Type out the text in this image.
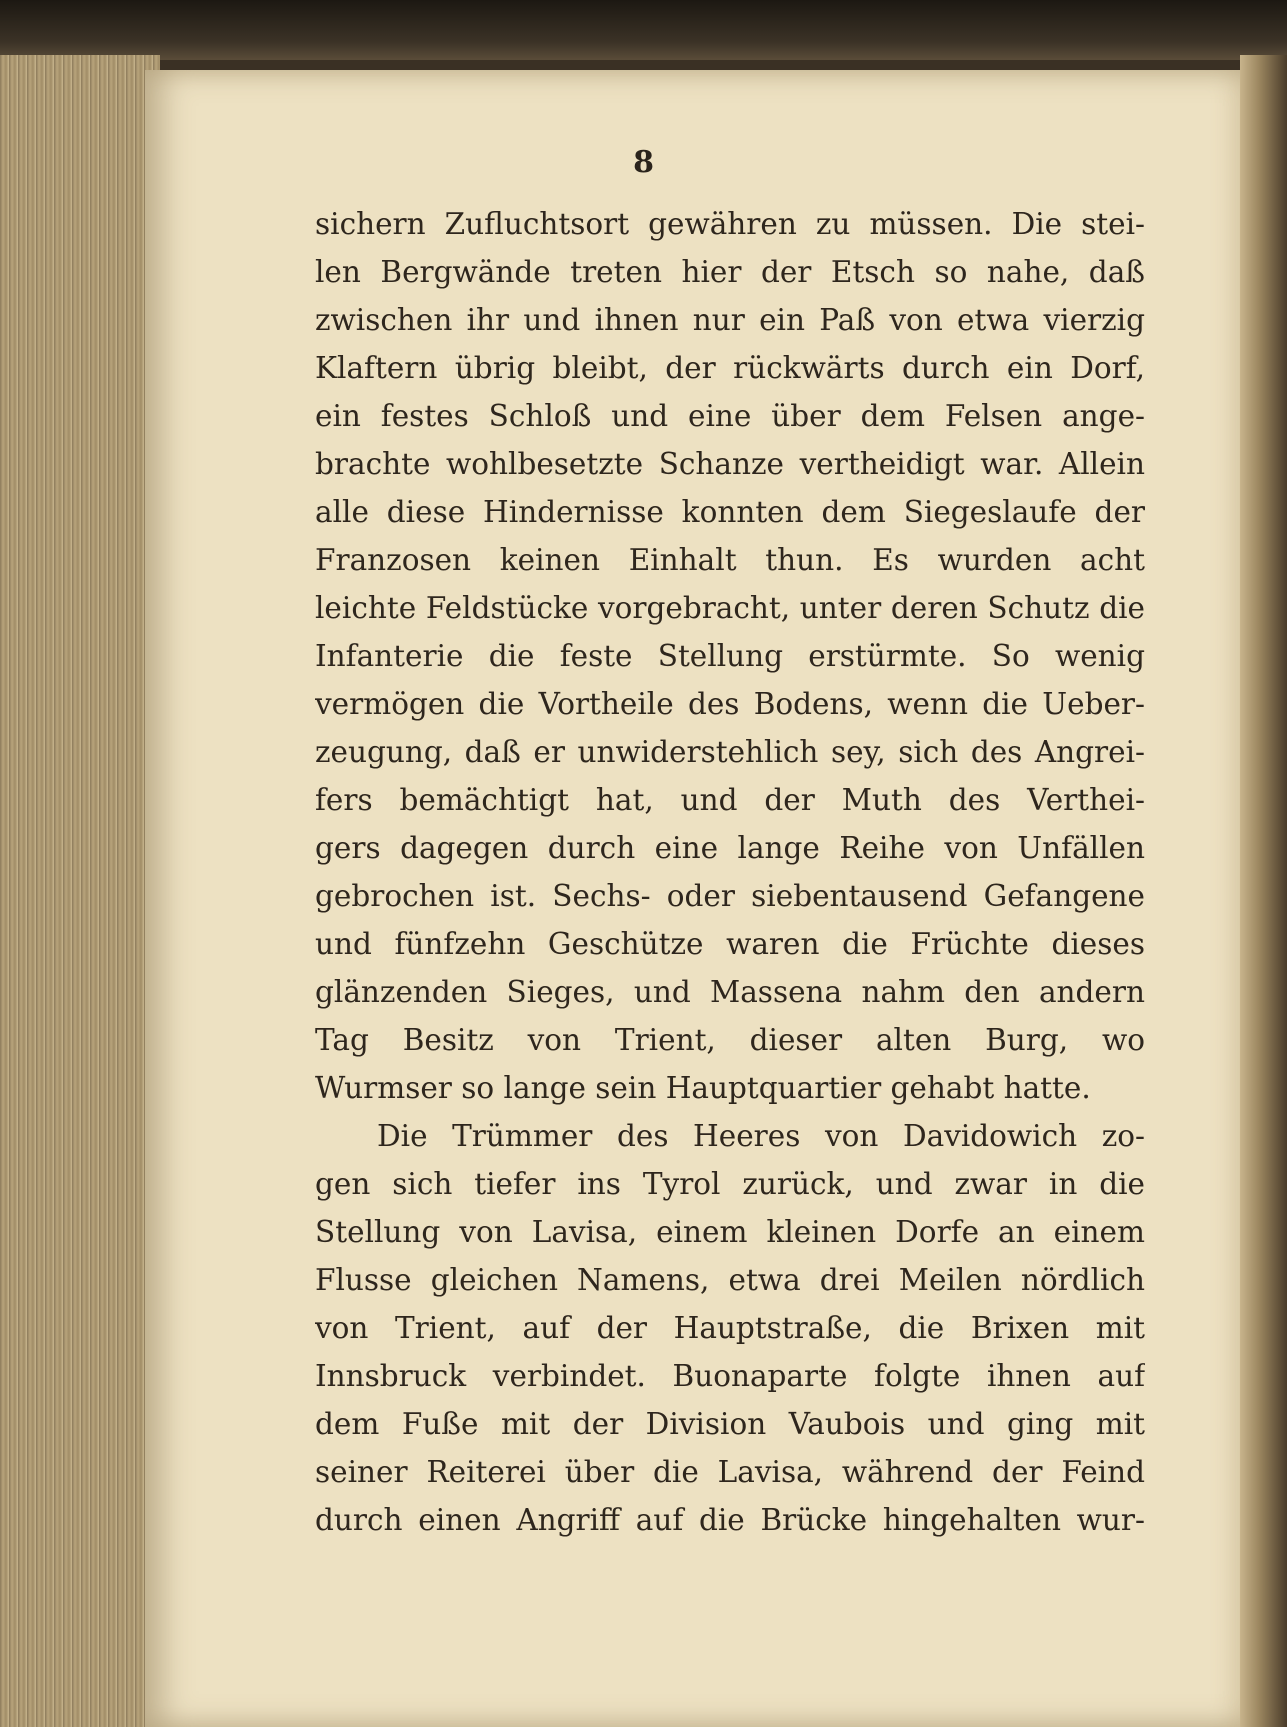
8
sichern Zufluchtsort gewähren zu müssen. Die stei-
len Bergwände treten hier der Etsch so nahe, daß
zwischen ihr und ihnen nur ein Paß von etwa vierzig
Klaftern übrig bleibt, der rückwärts durch ein Dorf,
ein festes Schloß und eine über dem Felsen ange-
brachte wohlbesetzte Schanze vertheidigt war. Allein
alle diese Hindernisse konnten dem Siegeslaufe der
Franzosen keinen Einhalt thun. Es wurden acht
leichte Feldstücke vorgebracht, unter deren Schutz die
Infanterie die feste Stellung erstürmte. So wenig
vermögen die Vortheile des Bodens, wenn die Ueber-
zeugung, daß er unwiderstehlich sey, sich des Angrei-
fers bemächtigt hat, und der Muth des Verthei-
gers dagegen durch eine lange Reihe von Unfällen
gebrochen ist. Sechs- oder siebentausend Gefangene
und fünfzehn Geschütze waren die Früchte dieses
glänzenden Sieges, und Massena nahm den andern
Tag Besitz von Trient, dieser alten Burg, wo
Wurmser so lange sein Hauptquartier gehabt hatte.
Die Trümmer des Heeres von Davidowich zo-
gen sich tiefer ins Tyrol zurück, und zwar in die
Stellung von Lavisa, einem kleinen Dorfe an einem
Flusse gleichen Namens, etwa drei Meilen nördlich
von Trient, auf der Hauptstraße, die Brixen mit
Innsbruck verbindet. Buonaparte folgte ihnen auf
dem Fuße mit der Division Vaubois und ging mit
seiner Reiterei über die Lavisa, während der Feind
durch einen Angriff auf die Brücke hingehalten wur-
